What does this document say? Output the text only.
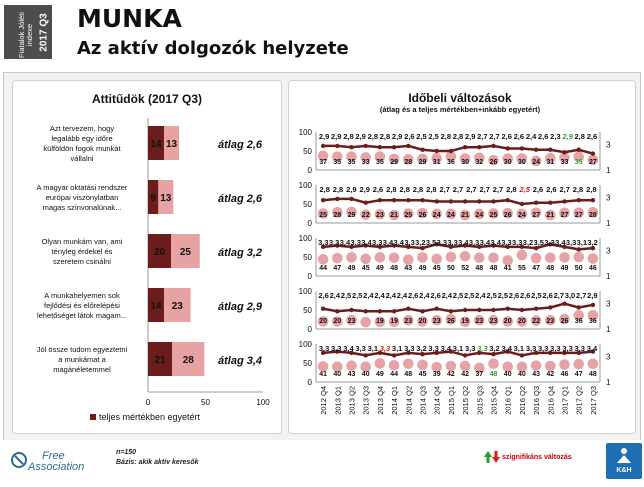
Fiatalok Jóléti indexe 2017 Q3 MUNKA
Az aktív dolgozók helyzete
Attitűdök (2017 Q3)
Azt tervezem, hogy legalább egy időre külföldön fogok munkát vállalni
14 13	átlag 2,6
A magyar oktatási rendszer európai viszonylatban magas színvonalúnak...
9 13	átlag 2,6
Olyan munkám van, ami tényleg érdekel és szeretem csinálni
20 25 átlag 3,2
A munkahelyemen sok fejlődési és előrelépési lehetőséget látok magam...
14 23	átlag 2,9
Jól össze tudom egyeztetni a munkámat a magánéletemmel
21 28 átlag 3,4
0	50	100
teljes mértékben egyetért
Időbeli változások
(átlag és a teljes mértékben+inkább egyetért)
100
50
0
3
1
37 35 35 33 35 29 28 29 31 36 30 32 26 30 30 24 31 33 35 27
2,9 2,9 2,8 2,9 2,8 2,8 2,9 2,6 2,5 2,5 2,8 2,8 2,9 2,7 2,7 2,6 2,6 2,4 2,6 2,3 2,9 2,8 2,6
100
50
0
3
1
25 28 29 22 23 21 25 26 24 24 21 24 25 26 24 27 21 27 27 28
2,8 2,8 2,9 2,9 2,6 2,8 2,8 2,8 2,8 2,7 2,7 2,7 2,7 2,7 2,8 2,5 2,6 2,6 2,7 2,8 2,8
100
50
0
3
1
44 47 49 45 49 48 43 49 45 50 52 48 48 41 55 47 48 49 50 46
3,3 3,3 3,4 3,3 3,4 3,3 3,4 3,4 3,3 3,2 3,5 3,3 3,3 3,4 3,3 3,4 3,4 3,3 3,3 3,2 3,5 3,3 3,4 3,3 3,1 3,2
100
50
0
3
1
20 20 23	19 19 23 20 23 26 19 23 23 20 20 22 23 26 36 36
2,6 2,4 2,5 2,5 2,4 2,4 2,4 2,4 2,6 2,4 2,6 2,4 2,5 2,5 2,4 2,5 2,5 2,6 2,6 2,5 2,6 2,7 3,0 2,7 2,9
100
50
0
3
1
41 40 43 40 49 44 48 45 39 42 42 37 48 40 40 43 42 46 47 48
3,3 3,3 3,4 3,3 3,1 3,3 3,1 3,3 3,2 3,3 3,4 3,1 3,3 3,3 3,2 3,4 3,1 3,3 3,3 3,3 3,3 3,3 3,4
2012 Q4 2013 Q1 2013 Q2 2013 Q3 2013 Q4 2014 Q1 2014 Q2 2014 Q3 2014 Q4 2015 Q1 2015 Q2 2015 Q3 2015 Q4 2016 Q1 2016 Q2 2016 Q3 2016 Q4 2017 Q1 2017 Q2 2017 Q3
Free
Association
n=150
Bázis: akik aktív keresők
szignifikáns változás
K&H
